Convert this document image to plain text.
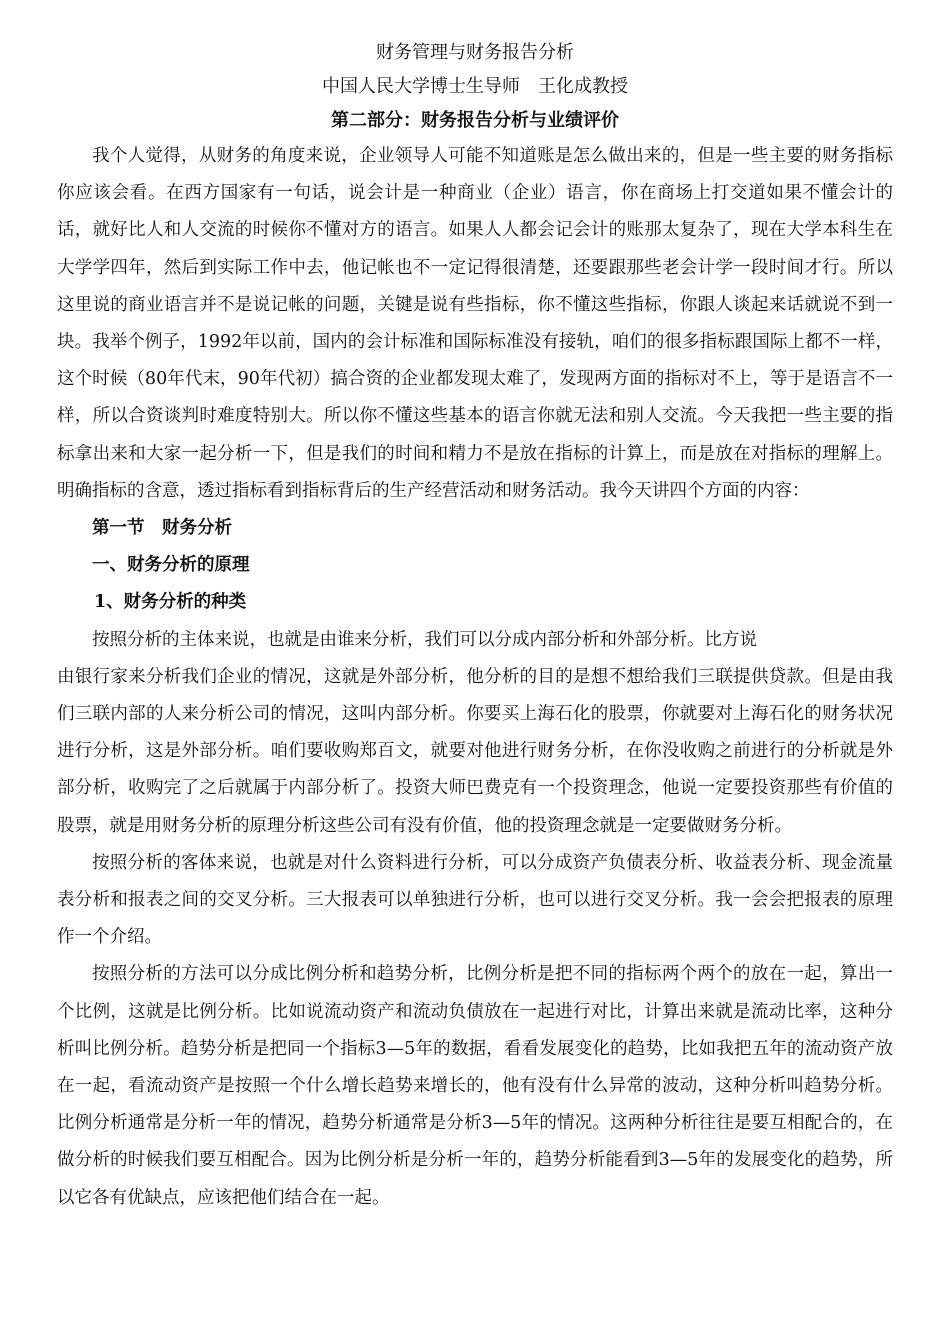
财务管理与财务报告分析
中国人民大学博士生导师　王化成教授
第二部分：财务报告分析与业绩评价

我个人觉得，从财务的角度来说，企业领导人可能不知道账是怎么做出来的，但是一些主要的财务指标你应该会看。在西方国家有一句话，说会计是一种商业（企业）语言，你在商场上打交道如果不懂会计的话，就好比人和人交流的时候你不懂对方的语言。如果人人都会记会计的账那太复杂了，现在大学本科生在大学学四年，然后到实际工作中去，他记帐也不一定记得很清楚，还要跟那些老会计学一段时间才行。所以这里说的商业语言并不是说记帐的问题，关键是说有些指标，你不懂这些指标，你跟人谈起来话就说不到一块。我举个例子，1992年以前，国内的会计标准和国际标准没有接轨，咱们的很多指标跟国际上都不一样，这个时候（80年代末，90年代初）搞合资的企业都发现太难了，发现两方面的指标对不上，等于是语言不一样，所以合资谈判时难度特别大。所以你不懂这些基本的语言你就无法和别人交流。今天我把一些主要的指标拿出来和大家一起分析一下，但是我们的时间和精力不是放在指标的计算上，而是放在对指标的理解上。明确指标的含意，透过指标看到指标背后的生产经营活动和财务活动。我今天讲四个方面的内容：

第一节　财务分析
一、财务分析的原理
1、财务分析的种类
按照分析的主体来说，也就是由谁来分析，我们可以分成内部分析和外部分析。比方说

由银行家来分析我们企业的情况，这就是外部分析，他分析的目的是想不想给我们三联提供贷款。但是由我们三联内部的人来分析公司的情况，这叫内部分析。你要买上海石化的股票，你就要对上海石化的财务状况进行分析，这是外部分析。咱们要收购郑百文，就要对他进行财务分析，在你没收购之前进行的分析就是外部分析，收购完了之后就属于内部分析了。投资大师巴费克有一个投资理念，他说一定要投资那些有价值的股票，就是用财务分析的原理分析这些公司有没有价值，他的投资理念就是一定要做财务分析。

按照分析的客体来说，也就是对什么资料进行分析，可以分成资产负债表分析、收益表分析、现金流量表分析和报表之间的交叉分析。三大报表可以单独进行分析，也可以进行交叉分析。我一会会把报表的原理作一个介绍。

按照分析的方法可以分成比例分析和趋势分析，比例分析是把不同的指标两个两个的放在一起，算出一个比例，这就是比例分析。比如说流动资产和流动负债放在一起进行对比，计算出来就是流动比率，这种分析叫比例分析。趋势分析是把同一个指标3—5年的数据，看看发展变化的趋势，比如我把五年的流动资产放在一起，看流动资产是按照一个什么增长趋势来增长的，他有没有什么异常的波动，这种分析叫趋势分析。比例分析通常是分析一年的情况，趋势分析通常是分析3—5年的情况。这两种分析往往是要互相配合的，在做分析的时候我们要互相配合。因为比例分析是分析一年的，趋势分析能看到3—5年的发展变化的趋势，所以它各有优缺点，应该把他们结合在一起。
